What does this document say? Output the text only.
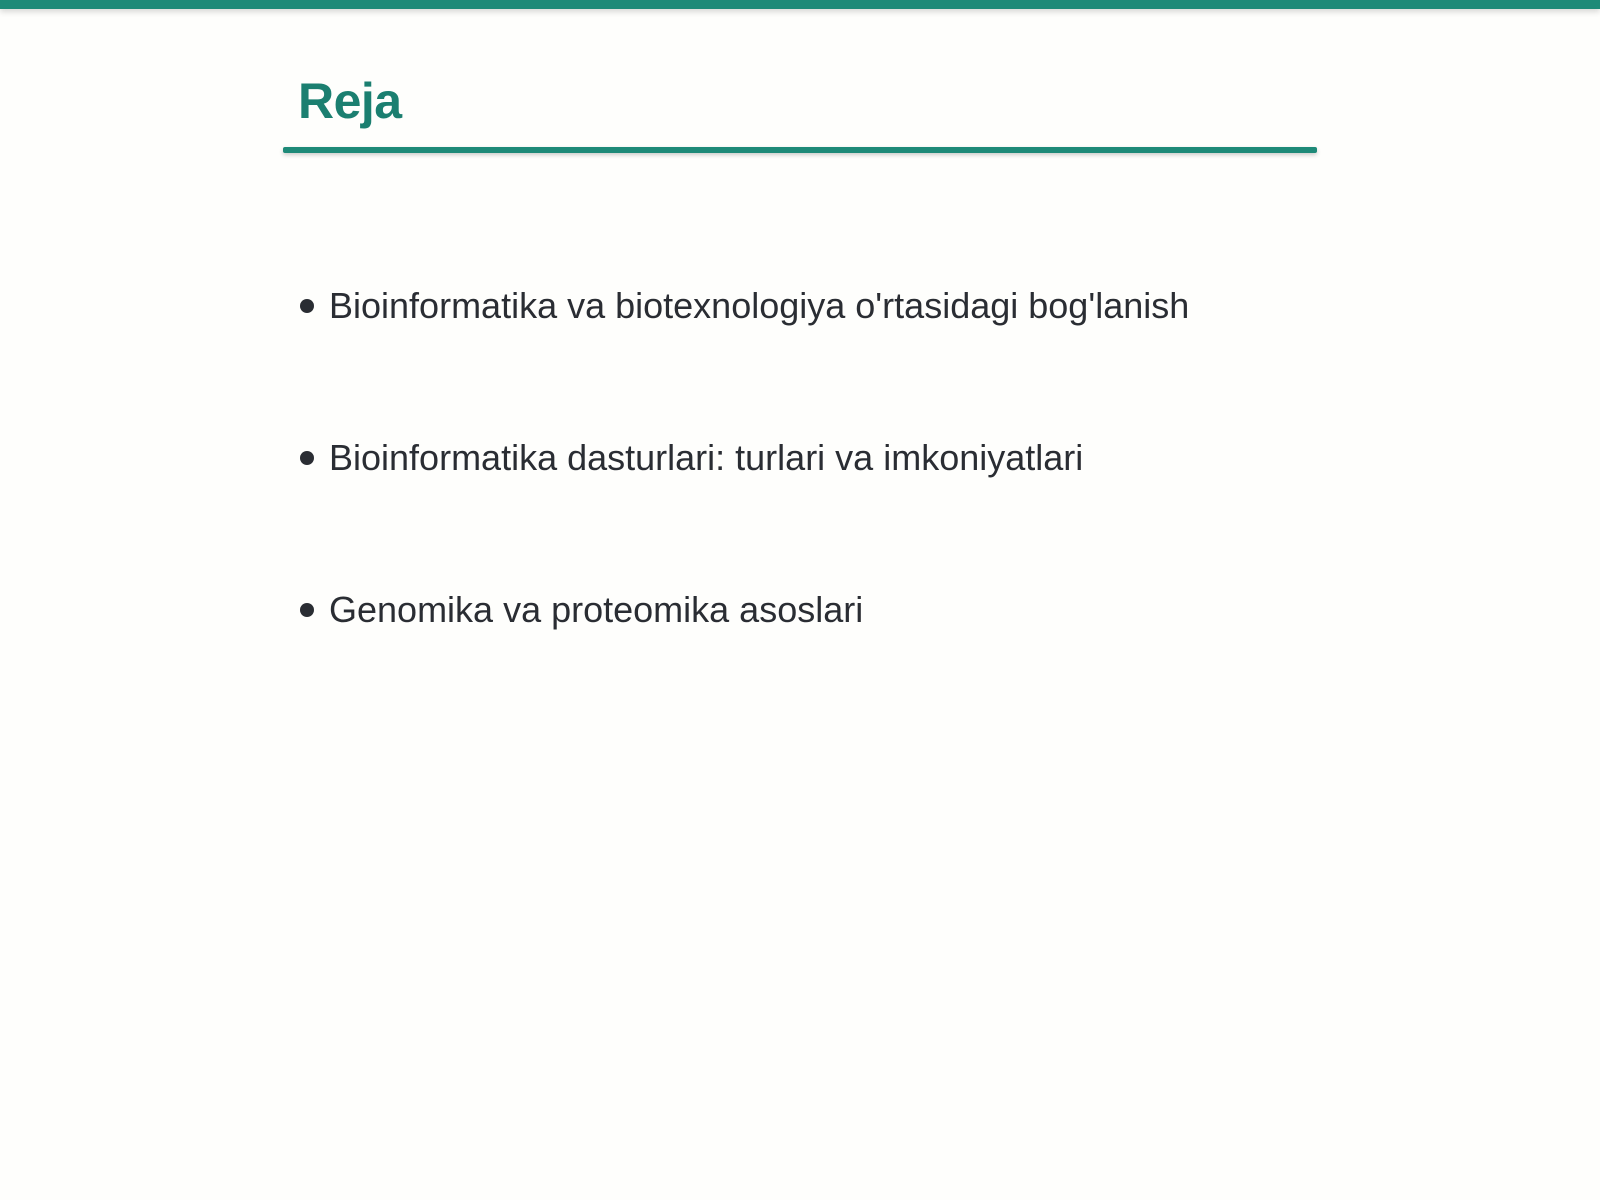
Reja
Bioinformatika va biotexnologiya o'rtasidagi bog'lanish
Bioinformatika dasturlari: turlari va imkoniyatlari
Genomika va proteomika asoslari
